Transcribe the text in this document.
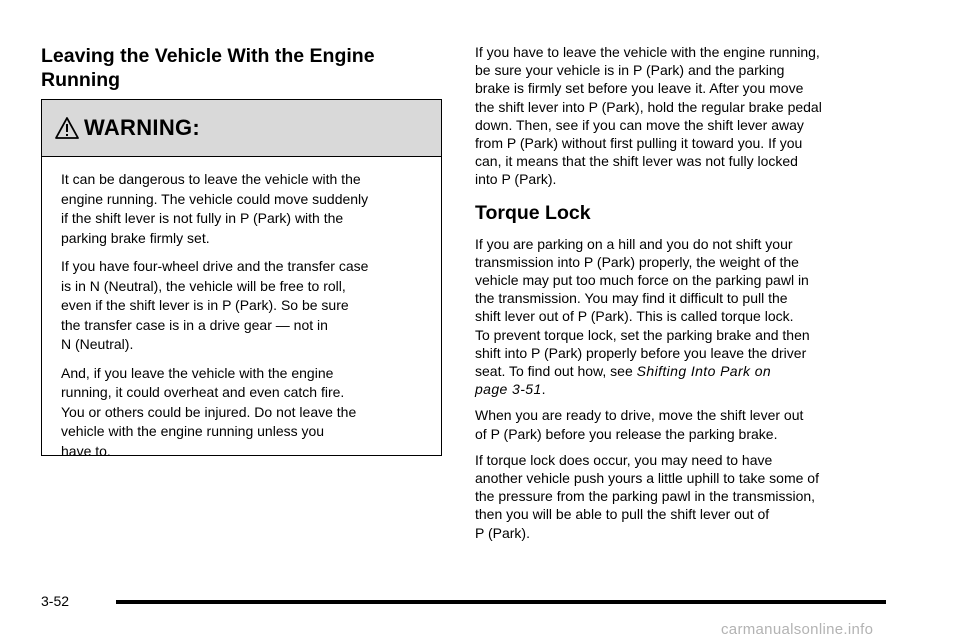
Leaving the Vehicle With the Engine
Running
WARNING:

It can be dangerous to leave the vehicle with the
engine running. The vehicle could move suddenly
if the shift lever is not fully in P (Park) with the
parking brake firmly set.

If you have four-wheel drive and the transfer case
is in N (Neutral), the vehicle will be free to roll,
even if the shift lever is in P (Park). So be sure
the transfer case is in a drive gear — not in
N (Neutral).

And, if you leave the vehicle with the engine
running, it could overheat and even catch fire.
You or others could be injured. Do not leave the
vehicle with the engine running unless you
have to.

If you have to leave the vehicle with the engine running,
be sure your vehicle is in P (Park) and the parking
brake is firmly set before you leave it. After you move
the shift lever into P (Park), hold the regular brake pedal
down. Then, see if you can move the shift lever away
from P (Park) without first pulling it toward you. If you
can, it means that the shift lever was not fully locked
into P (Park).

Torque Lock

If you are parking on a hill and you do not shift your
transmission into P (Park) properly, the weight of the
vehicle may put too much force on the parking pawl in
the transmission. You may find it difficult to pull the
shift lever out of P (Park). This is called torque lock.
To prevent torque lock, set the parking brake and then
shift into P (Park) properly before you leave the driver
seat. To find out how, see Shifting Into Park on
page 3‑51.

When you are ready to drive, move the shift lever out
of P (Park) before you release the parking brake.

If torque lock does occur, you may need to have
another vehicle push yours a little uphill to take some of
the pressure from the parking pawl in the transmission,
then you will be able to pull the shift lever out of
P (Park).

3-52
carmanualsonline.info
